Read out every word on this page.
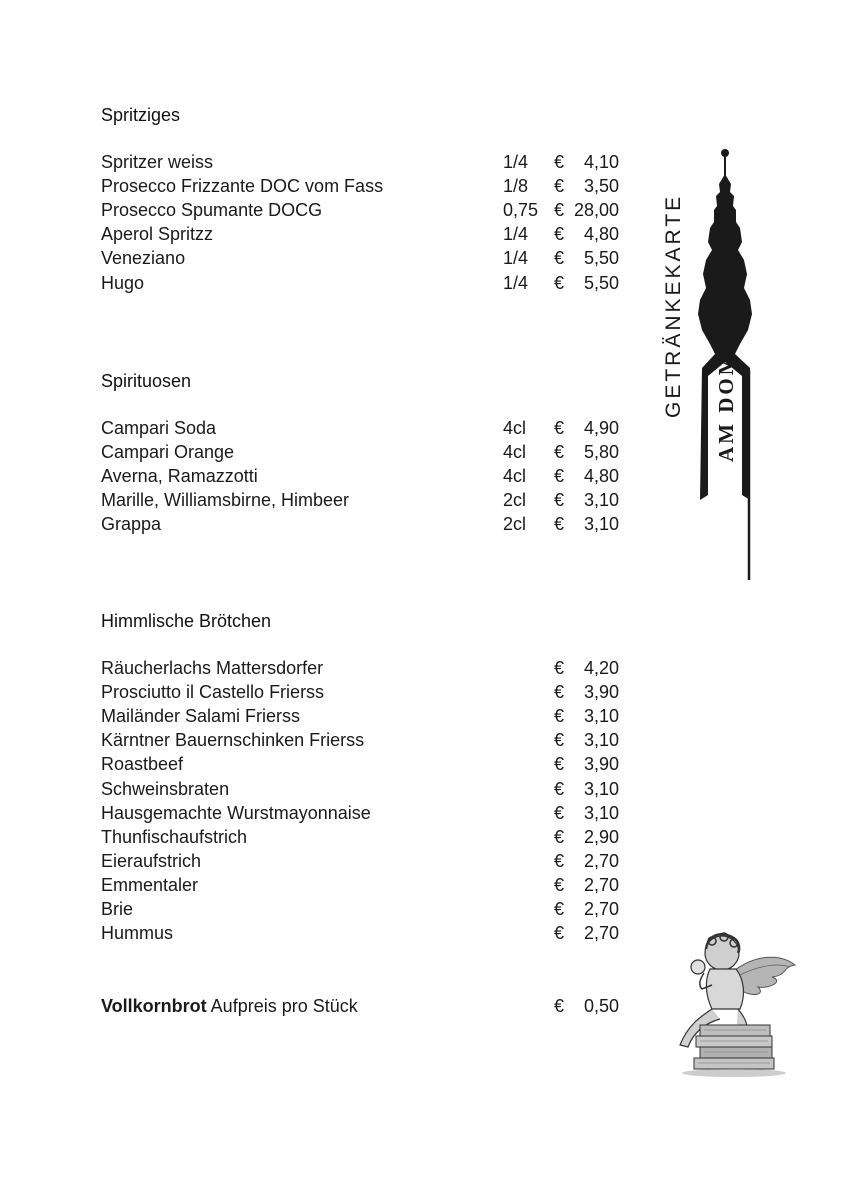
Spritziges
Spritzer weiss	1/4 € 4,10
Prosecco Frizzante DOC vom Fass	1/8 € 3,50
Prosecco Spumante DOCG	0,75 € 28,00
Aperol Spritzz	1/4 € 4,80
Veneziano	1/4 € 5,50
Hugo	1/4 € 5,50
Spirituosen
Campari Soda	4cl € 4,90
Campari Orange	4cl € 5,80
Averna, Ramazzotti	4cl € 4,80
Marille, Williamsbirne, Himbeer	2cl € 3,10
Grappa	2cl € 3,10
Himmlische Brötchen
Räucherlachs Mattersdorfer	€ 4,20
Prosciutto il Castello Frierss	€ 3,90
Mailänder Salami Frierss	€ 3,10
Kärntner Bauernschinken Frierss	€ 3,10
Roastbeef	€ 3,90
Schweinsbraten	€ 3,10
Hausgemachte Wurstmayonnaise	€ 3,10
Thunfischaufstrich	€ 2,90
Eieraufstrich	€ 2,70
Emmentaler	€ 2,70
Brie	€ 2,70
Hummus	€ 2,70
Vollkornbrot Aufpreis pro Stück	€ 0,50
GETRÄNKEKARTE AM DOM
